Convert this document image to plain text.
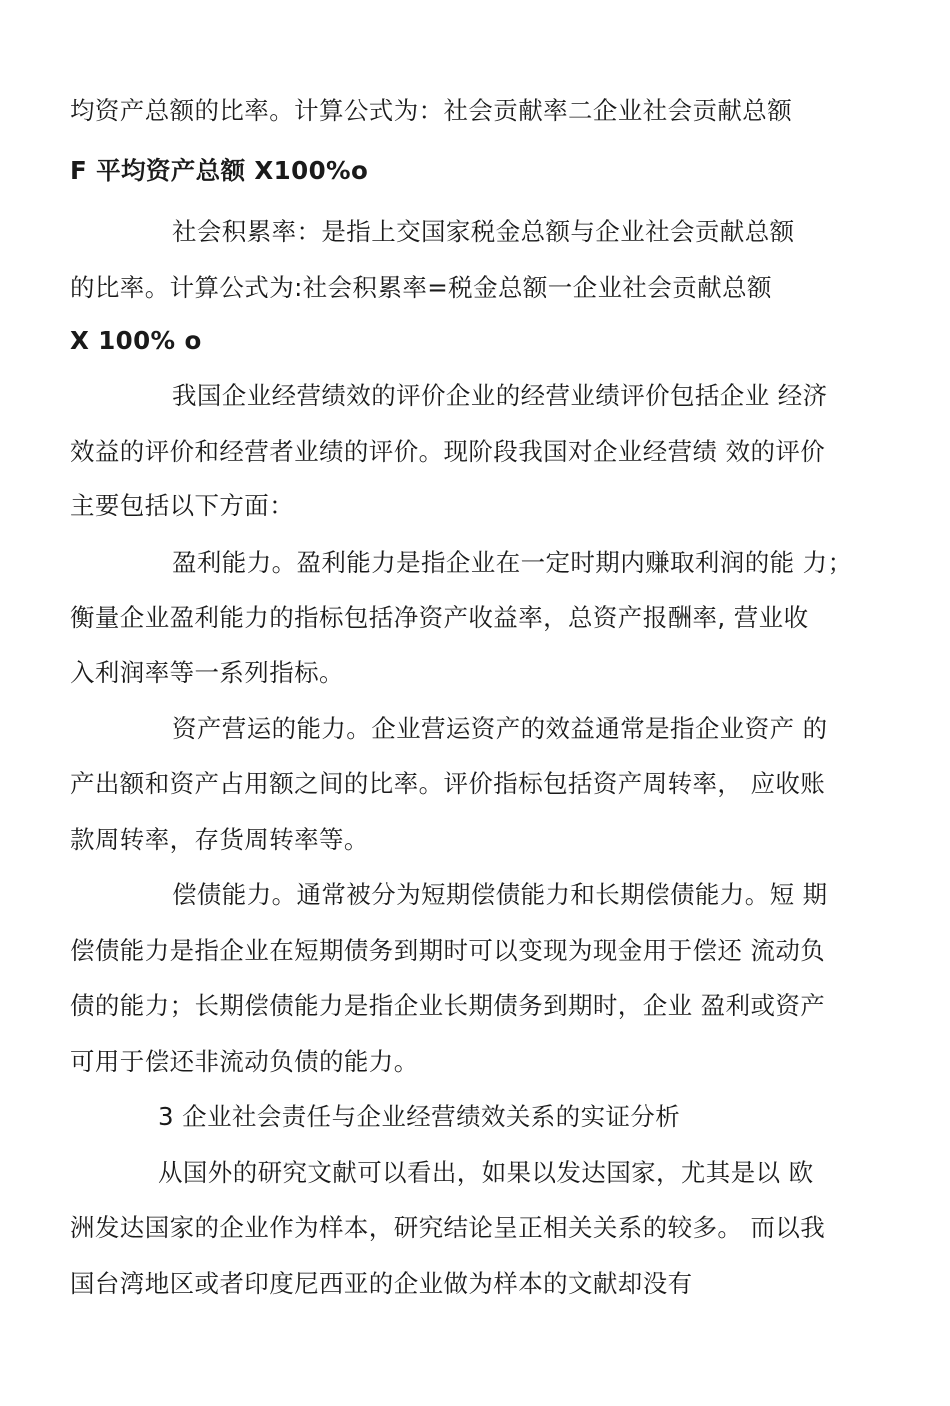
均资产总额的比率。计算公式为：社会贡献率二企业社会贡献总额
F 平均资产总额 X100%o
社会积累率：是指上交国家税金总额与企业社会贡献总额
的比率。计算公式为:社会积累率=税金总额一企业社会贡献总额
X 100% o
我国企业经营绩效的评价企业的经营业绩评价包括企业 经济
效益的评价和经营者业绩的评价。现阶段我国对企业经营绩 效的评价
主要包括以下方面：
盈利能力。盈利能力是指企业在一定时期内赚取利润的能 力；
衡量企业盈利能力的指标包括净资产收益率，总资产报酬率, 营业收
入利润率等一系列指标。
资产营运的能力。企业营运资产的效益通常是指企业资产 的
产出额和资产占用额之间的比率。评价指标包括资产周转率， 应收账
款周转率，存货周转率等。
偿债能力。通常被分为短期偿债能力和长期偿债能力。短 期
偿债能力是指企业在短期债务到期时可以变现为现金用于偿还 流动负
债的能力；长期偿债能力是指企业长期债务到期时，企业 盈利或资产
可用于偿还非流动负债的能力。
3 企业社会责任与企业经营绩效关系的实证分析
从国外的研究文献可以看出，如果以发达国家，尤其是以 欧
洲发达国家的企业作为样本，研究结论呈正相关关系的较多。 而以我
国台湾地区或者印度尼西亚的企业做为样本的文献却没有
